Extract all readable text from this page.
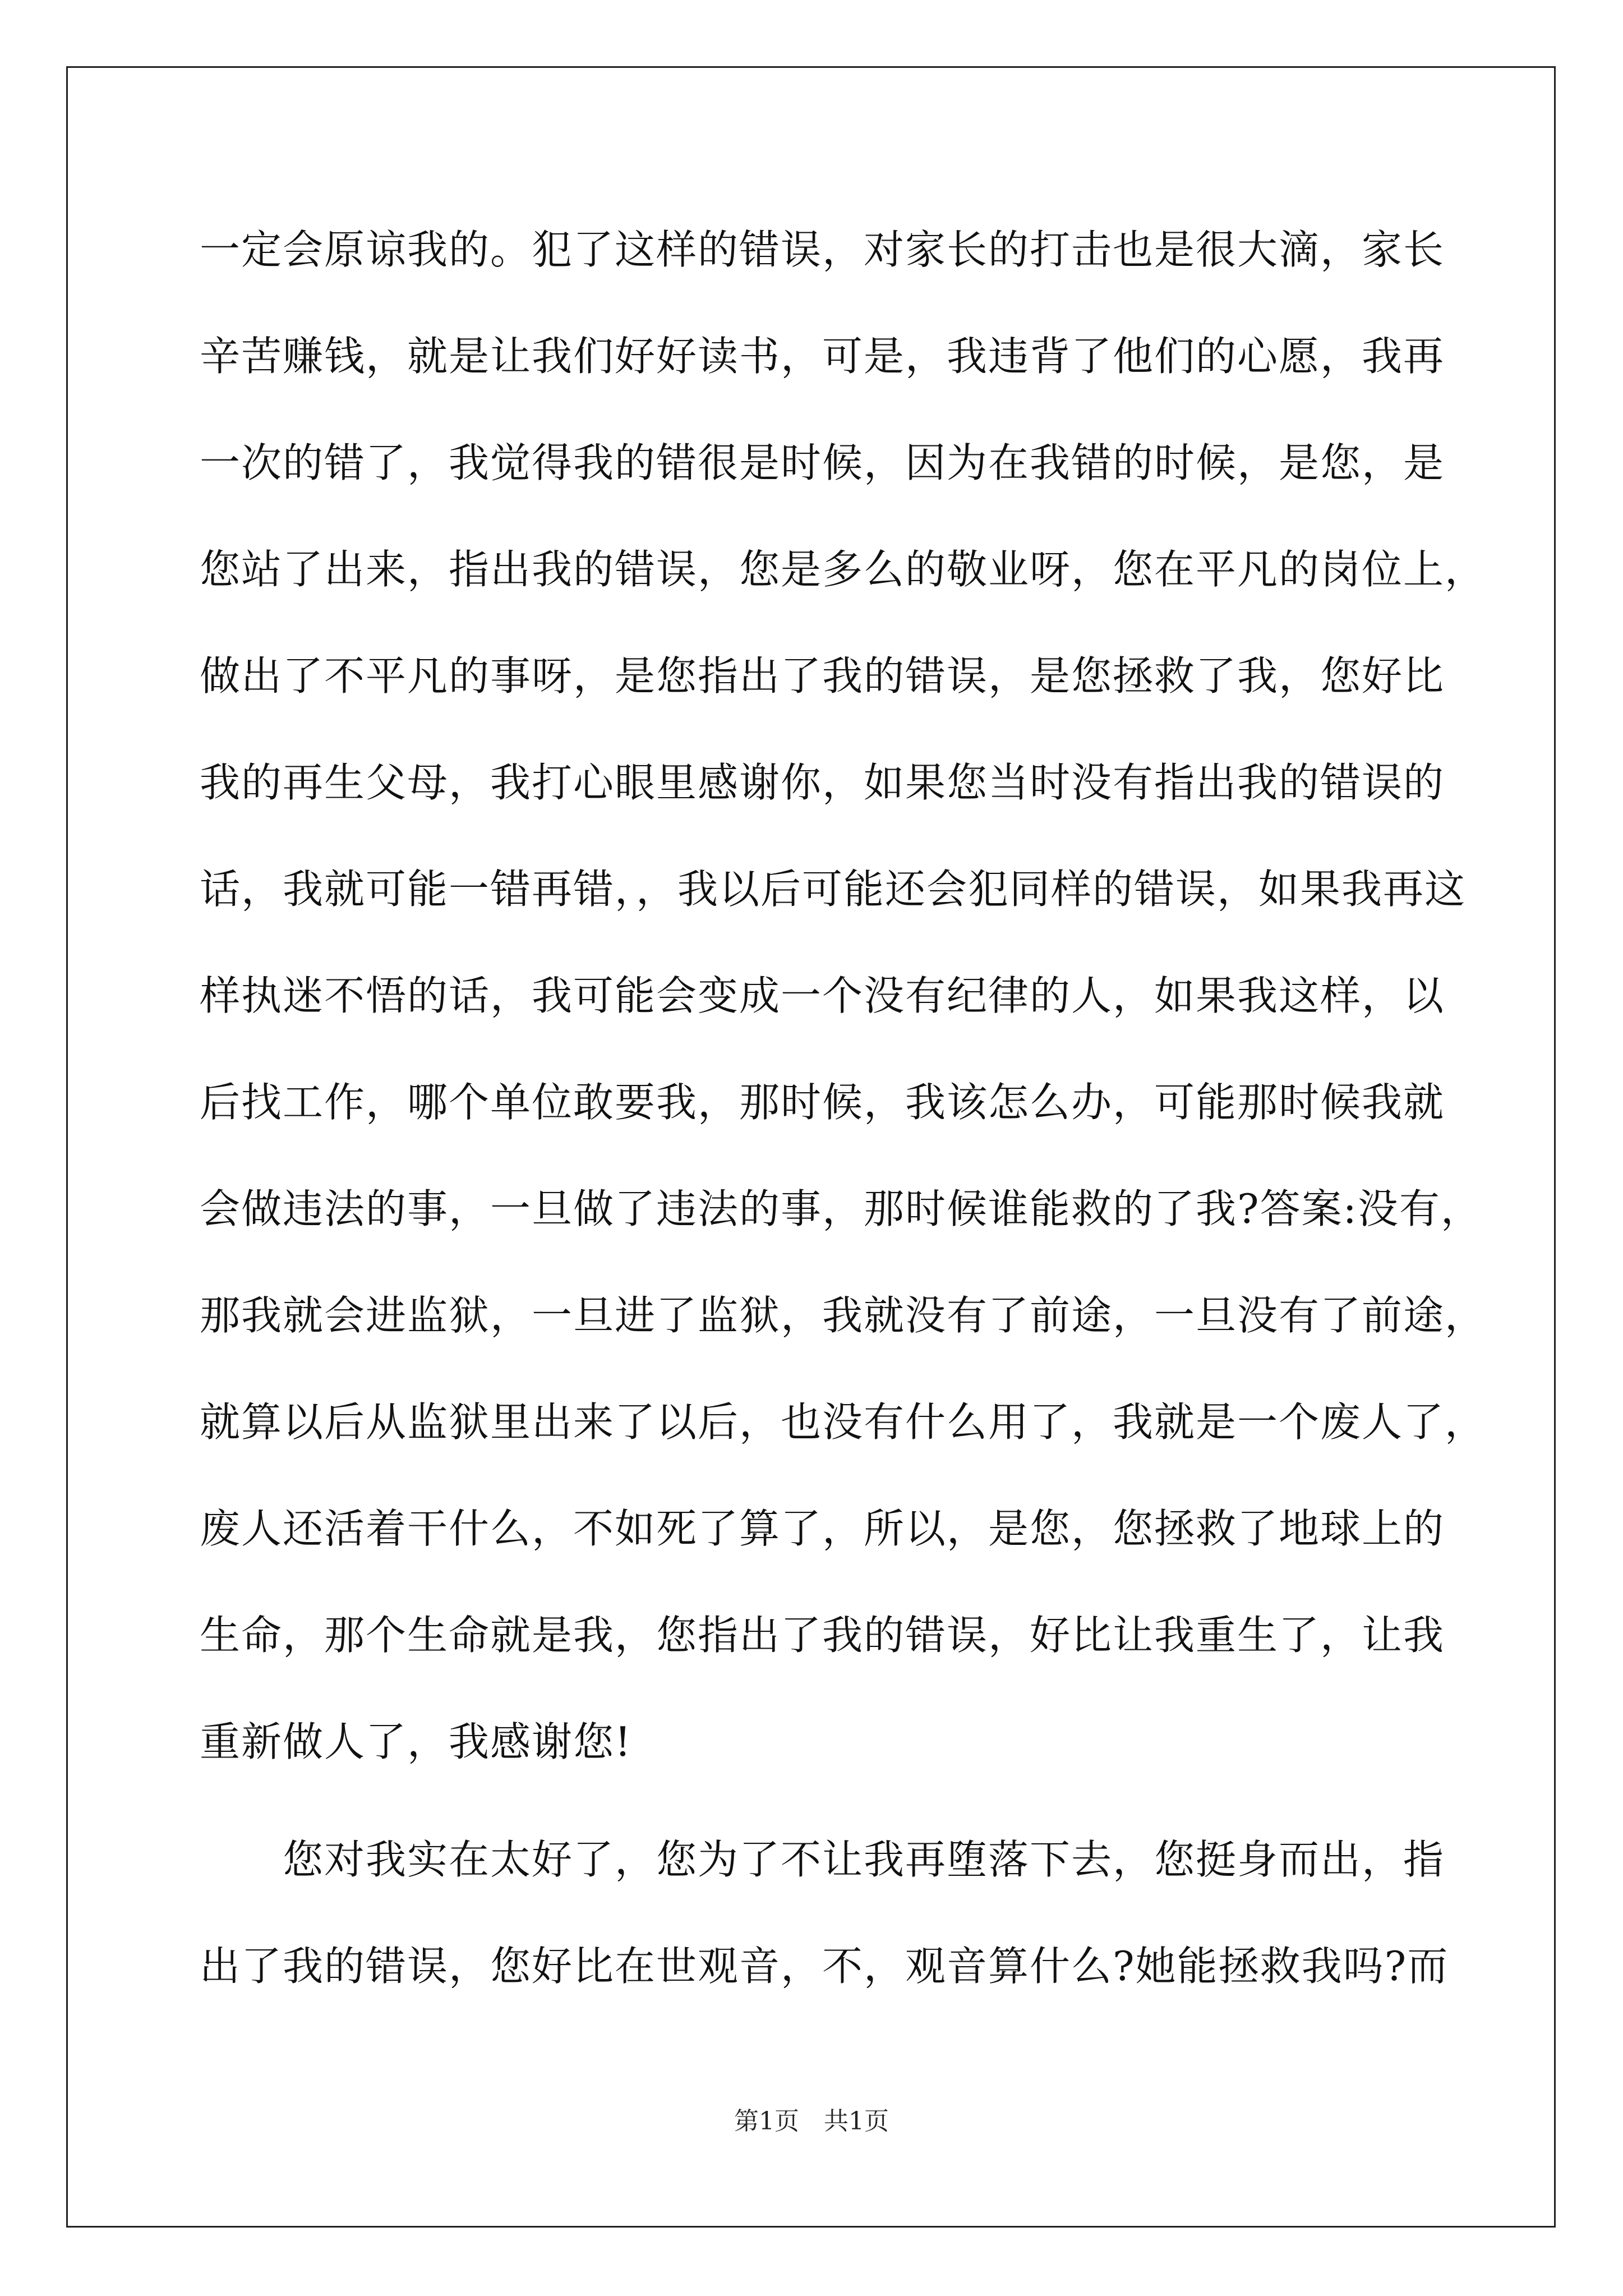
一定会原谅我的。犯了这样的错误，对家长的打击也是很大滴，家长
辛苦赚钱，就是让我们好好读书，可是，我违背了他们的心愿，我再
一次的错了，我觉得我的错很是时候，因为在我错的时候，是您，是
您站了出来，指出我的错误，您是多么的敬业呀，您在平凡的岗位上，
做出了不平凡的事呀，是您指出了我的错误，是您拯救了我，您好比
我的再生父母，我打心眼里感谢你，如果您当时没有指出我的错误的
话，我就可能一错再错，，我以后可能还会犯同样的错误，如果我再这
样执迷不悟的话，我可能会变成一个没有纪律的人，如果我这样，以
后找工作，哪个单位敢要我，那时候，我该怎么办，可能那时候我就
会做违法的事，一旦做了违法的事，那时候谁能救的了我?答案:没有，
那我就会进监狱，一旦进了监狱，我就没有了前途，一旦没有了前途，
就算以后从监狱里出来了以后，也没有什么用了，我就是一个废人了，
废人还活着干什么，不如死了算了，所以，是您，您拯救了地球上的
生命，那个生命就是我，您指出了我的错误，好比让我重生了，让我
重新做人了，我感谢您!
　　您对我实在太好了，您为了不让我再堕落下去，您挺身而出，指
出了我的错误，您好比在世观音，不，观音算什么?她能拯救我吗?而
第1页　共1页
